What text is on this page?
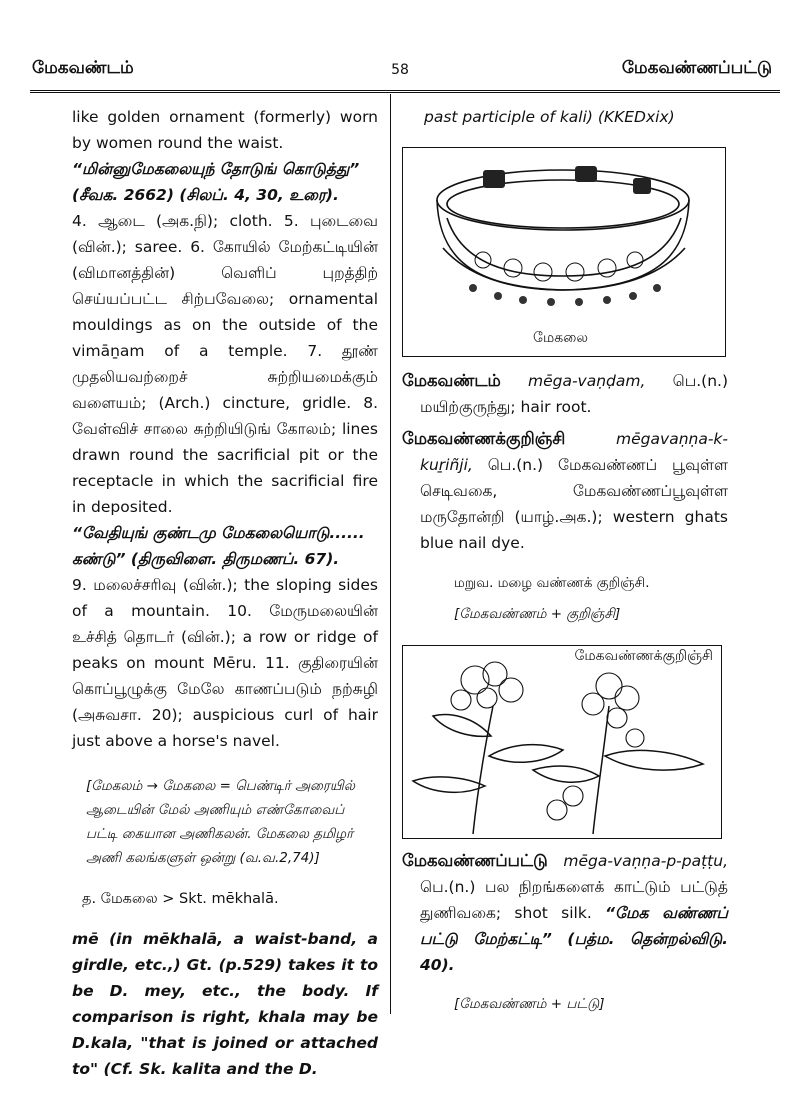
மேகவண்டம்	58	மேகவண்ணப்பட்டு

like golden ornament (formerly) worn by women round the waist.

“மின்னுமேகலையுந் தோடுங் கொடுத்து” (சீவக. 2662) (சிலப். 4, 30, உரை).

4. ஆடை (அக.நி); cloth. 5. புடைவை (வின்.); saree. 6. கோயில் மேற்கட்டியின் (விமானத்தின்) வெளிப் புறத்திற் செய்யப்பட்ட சிற்பவேலை; ornamental mouldings as on the outside of the vimāṉam of a temple. 7. தூண் முதலியவற்றைச் சுற்றியமைக்கும் வளையம்; (Arch.) cincture, gridle. 8. வேள்விச் சாலை சுற்றியிடுங் கோலம்; lines drawn round the sacrificial pit or the receptacle in which the sacrificial fire in deposited.

“வேதியுங் குண்டமு மேகலையொடு...... கண்டு” (திருவிளை. திருமணப். 67).

9. மலைச்சரிவு (வின்.); the sloping sides of a mountain. 10. மேருமலையின் உச்சித் தொடர் (வின்.); a row or ridge of peaks on mount Mēru. 11. குதிரையின் கொப்பூழுக்கு மேலே காணப்படும் நற்சுழி (அசுவசா. 20); auspicious curl of hair just above a horse's navel.

[மேகலம் → மேகலை = பெண்டிர் அரையில் ஆடையின் மேல் அணியும் எண்கோவைப் பட்டி கையான அணிகலன். மேகலை தமிழர் அணி கலங்களுள் ஒன்று (வ.வ.2,74)]

த. மேகலை > Skt. mēkhalā.

mē (in mēkhalā, a waist-band, a girdle, etc.,) Gt. (p.529) takes it to be D. mey, etc., the body. If comparison is right, khala may be D.kala, "that is joined or attached to" (Cf. Sk. kalita and the D.

past participle of kali) (KKEDxix)

மேகலை

மேகவண்டம் mēga-vaṇḍam, பெ.(n.) மயிற்குருந்து; hair root.

மேகவண்ணக்குறிஞ்சி	mēgavaṇṇa-k-kuṟiñji, பெ.(n.) மேகவண்ணப் பூவுள்ள செடிவகை, மேகவண்ணப்பூவுள்ள மருதோன்றி (யாழ்.அக.); western ghats blue nail dye.

மறுவ. மழை வண்ணக் குறிஞ்சி.

[மேகவண்ணம் + குறிஞ்சி]

மேகவண்ணக்குறிஞ்சி

மேகவண்ணப்பட்டு mēga-vaṇṇa-p-paṭṭu, பெ.(n.) பல நிறங்களைக் காட்டும் பட்டுத் துணிவகை; shot silk. “மேக வண்ணப் பட்டு மேற்கட்டி” (பத்ம. தென்றல்விடு. 40).

[மேகவண்ணம் + பட்டு]
